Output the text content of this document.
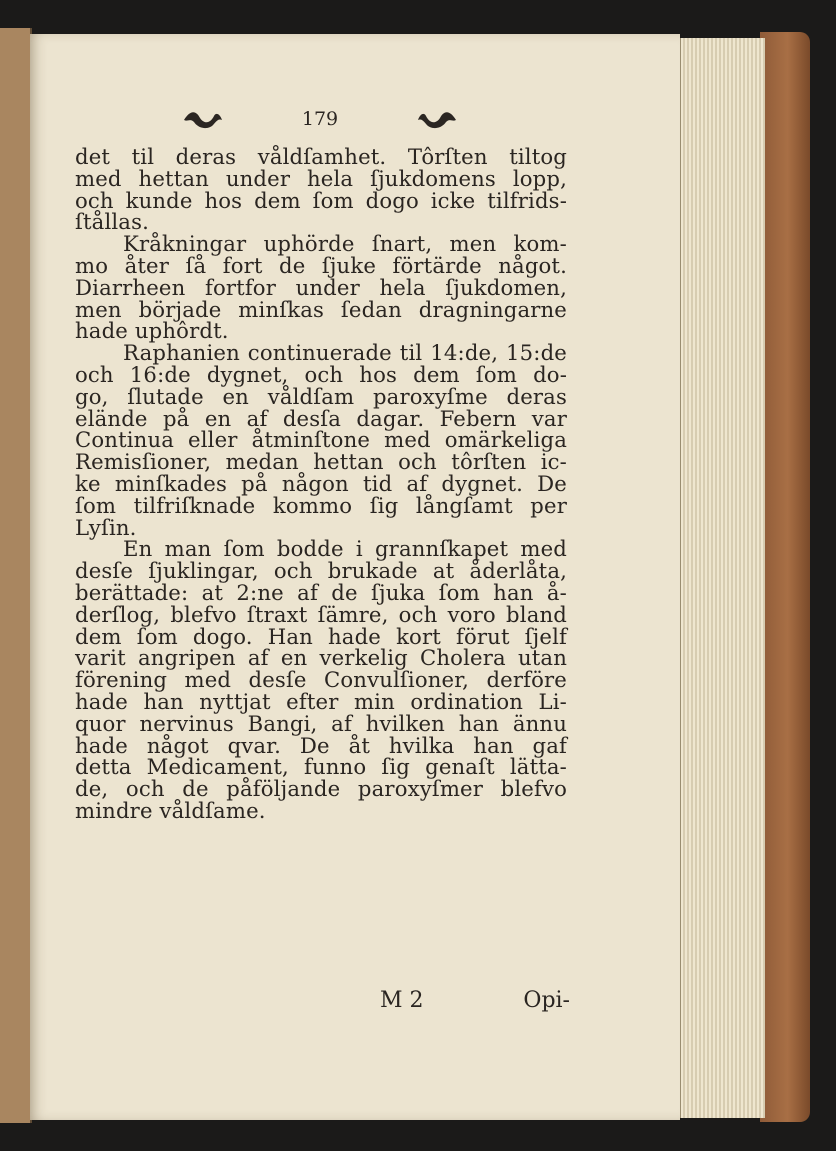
179
det til deras våldſamhet. Tôrſten tiltog
med hettan under hela ſjukdomens lopp,
och kunde hos dem ſom dogo icke tilfrids-
ſtållas.
Kråkningar uphörde ſnart, men kom-
mo åter ſå fort de ſjuke förtärde något.
Diarrheen fortfor under hela ſjukdomen,
men började minſkas ſedan dragningarne
hade uphôrdt.
Raphanien continuerade til 14:de, 15:de
och 16:de dygnet, och hos dem ſom do-
go, ſlutade en våldſam paroxyſme deras
elände på en af desſa dagar. Febern var
Continua eller åtminſtone med omärkeliga
Remisſioner, medan hettan och tôrſten ic-
ke minſkades på någon tid af dygnet. De
ſom tilfriſknade kommo ſig långſamt per
Lyſin.
En man ſom bodde i grannſkapet med
desſe ſjuklingar, och brukade at åderlåta,
berättade: at 2:ne af de ſjuka ſom han å-
derſlog, blefvo ſtraxt ſämre, och voro bland
dem ſom dogo. Han hade kort förut ſjelf
varit angripen af en verkelig Cholera utan
förening med desſe Convulſioner, derföre
hade han nyttjat efter min ordination Li-
quor nervinus Bangi, af hvilken han ännu
hade något qvar. De åt hvilka han gaf
detta Medicament, funno ſig genaſt lätta-
de, och de påföljande paroxyſmer blefvo
mindre våldſame.
M 2	Opi-
